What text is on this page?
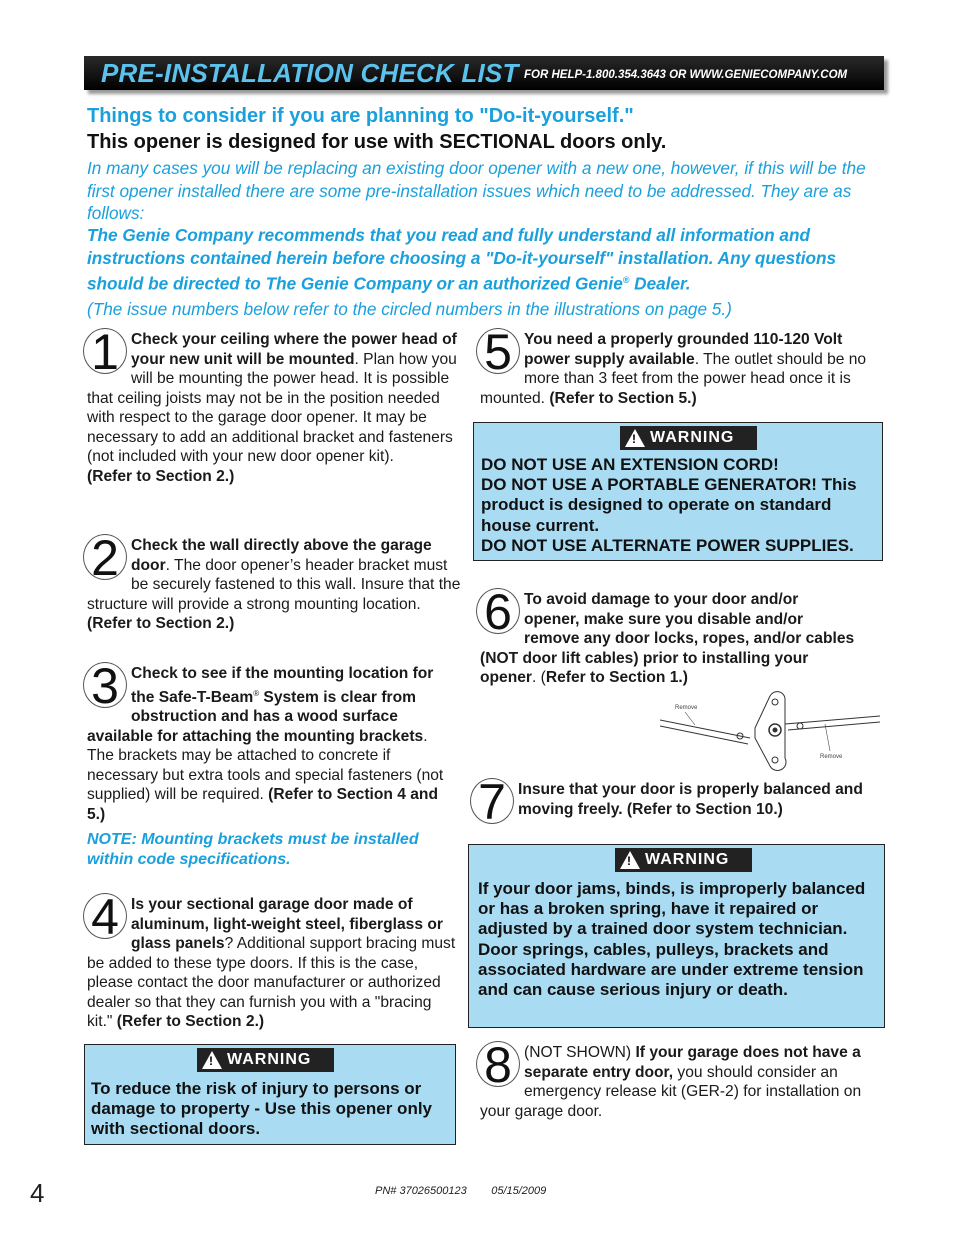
PRE-INSTALLATION CHECK LIST FOR HELP-1.800.354.3643 OR WWW.GENIECOMPANY.COM
Things to consider if you are planning to "Do-it-yourself."
This opener is designed for use with SECTIONAL doors only.
In many cases you will be replacing an existing door opener with a new one, however, if this will be the first opener installed there are some pre-installation issues which need to be addressed. They are as follows:
The Genie Company recommends that you read and fully understand all information and instructions contained herein before choosing a "Do-it-yourself" installation. Any questions should be directed to The Genie Company or an authorized Genie® Dealer.
(The issue numbers below refer to the circled numbers in the illustrations on page 5.)
1 Check your ceiling where the power head of your new unit will be mounted. Plan how you will be mounting the power head. It is possible that ceiling joists may not be in the position needed with respect to the garage door opener. It may be necessary to add an additional bracket and fasteners (not included with your new door opener kit).
(Refer to Section 2.)
2 Check the wall directly above the garage door. The door opener’s header bracket must be securely fastened to this wall. Insure that the structure will provide a strong mounting location. (Refer to Section 2.)
3 Check to see if the mounting location for the Safe-T-Beam® System is clear from obstruction and has a wood surface available for attaching the mounting brackets. The brackets may be attached to concrete if necessary but extra tools and special fasteners (not supplied) will be required. (Refer to Section 4 and 5.)
NOTE: Mounting brackets must be installed within code specifications.
4 Is your sectional garage door made of aluminum, light-weight steel, fiberglass or glass panels? Additional support bracing must be added to these type doors. If this is the case, please contact the door manufacturer or authorized dealer so that they can furnish you with a "bracing kit." (Refer to Section 2.)
! WARNING
To reduce the risk of injury to persons or damage to property - Use this opener only with sectional doors.
5 You need a properly grounded 110-120 Volt power supply available. The outlet should be no more than 3 feet from the power head once it is mounted. (Refer to Section 5.)
! WARNING
DO NOT USE AN EXTENSION CORD!
DO NOT USE A PORTABLE GENERATOR! This product is designed to operate on standard house current.
DO NOT USE ALTERNATE POWER SUPPLIES.
6 To avoid damage to your door and/or opener, make sure you disable and/or remove any door locks, ropes, and/or cables (NOT door lift cables) prior to installing your opener. (Refer to Section 1.)
Remove
Remove
7 Insure that your door is properly balanced and moving freely. (Refer to Section 10.)
! WARNING
If your door jams, binds, is improperly balanced or has a broken spring, have it repaired or adjusted by a trained door system technician. Door springs, cables, pulleys, brackets and associated hardware are under extreme tension and can cause serious injury or death.
8 (NOT SHOWN) If your garage does not have a separate entry door, you should consider an emergency release kit (GER-2) for installation on your garage door.
4	PN# 37026500123 05/15/2009
